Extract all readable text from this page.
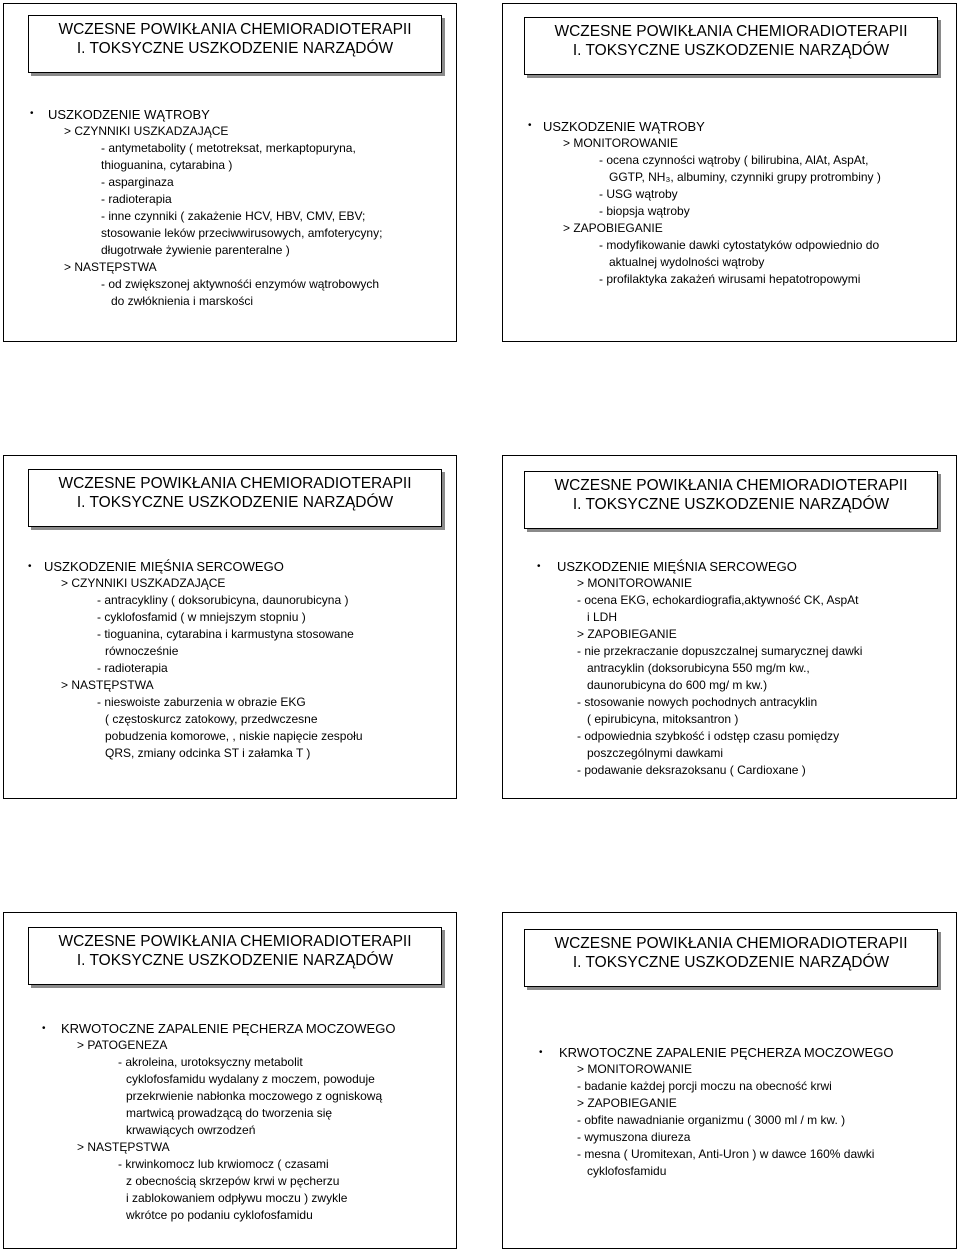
WCZESNE POWIKŁANIA CHEMIORADIOTERAPII
I. TOKSYCZNE USZKODZENIE NARZĄDÓW
• USZKODZENIE WĄTROBY
> CZYNNIKI USZKADZAJĄCE
- antymetabolity ( metotreksat, merkaptopuryna,
thioguanina, cytarabina )
- asparginaza
- radioterapia
- inne czynniki ( zakażenie HCV, HBV, CMV, EBV;
stosowanie leków przeciwwirusowych, amfoterycyny;
długotrwałe żywienie parenteralne )
> NASTĘPSTWA
- od zwiększonej aktywnośći enzymów wątrobowych
do zwłóknienia i marskości
WCZESNE POWIKŁANIA CHEMIORADIOTERAPII
I. TOKSYCZNE USZKODZENIE NARZĄDÓW
• USZKODZENIE WĄTROBY
> MONITOROWANIE
- ocena czynności wątroby ( bilirubina, AlAt, AspAt,
GGTP, NH₃, albuminy, czynniki grupy protrombiny )
- USG wątroby
- biopsja wątroby
> ZAPOBIEGANIE
- modyfikowanie dawki cytostatyków odpowiednio do
aktualnej wydolności wątroby
- profilaktyka zakażeń wirusami hepatotropowymi
WCZESNE POWIKŁANIA CHEMIORADIOTERAPII
I. TOKSYCZNE USZKODZENIE NARZĄDÓW
• USZKODZENIE MIĘŚNIA SERCOWEGO
> CZYNNIKI USZKADZAJĄCE
- antracykliny ( doksorubicyna, daunorubicyna )
- cyklofosfamid ( w mniejszym stopniu )
- tioguanina, cytarabina i karmustyna stosowane
równocześnie
- radioterapia
> NASTĘPSTWA
- nieswoiste zaburzenia w obrazie EKG
( częstoskurcz zatokowy, przedwczesne
pobudzenia komorowe, , niskie napięcie zespołu
QRS, zmiany odcinka ST i załamka T )
WCZESNE POWIKŁANIA CHEMIORADIOTERAPII
I. TOKSYCZNE USZKODZENIE NARZĄDÓW
• USZKODZENIE MIĘŚNIA SERCOWEGO
> MONITOROWANIE
- ocena EKG, echokardiografia,aktywność CK, AspAt
i LDH
> ZAPOBIEGANIE
- nie przekraczanie dopuszczalnej sumarycznej dawki
antracyklin (doksorubicyna 550 mg/m kw.,
daunorubicyna do 600 mg/ m kw.)
- stosowanie nowych pochodnych antracyklin
( epirubicyna, mitoksantron )
- odpowiednia szybkość i odstęp czasu pomiędzy
poszczególnymi dawkami
- podawanie deksrazoksanu ( Cardioxane )
WCZESNE POWIKŁANIA CHEMIORADIOTERAPII
I. TOKSYCZNE USZKODZENIE NARZĄDÓW
• KRWOTOCZNE ZAPALENIE PĘCHERZA MOCZOWEGO
> PATOGENEZA
- akroleina, urotoksyczny metabolit
cyklofosfamidu wydalany z moczem, powoduje
przekrwienie nabłonka moczowego z ogniskową
martwicą prowadzącą do tworzenia się
krwawiących owrzodzeń
> NASTĘPSTWA
- krwinkomocz lub krwiomocz ( czasami
z obecnością skrzepów krwi w pęcherzu
i zablokowaniem odpływu moczu ) zwykle
wkrótce po podaniu cyklofosfamidu
WCZESNE POWIKŁANIA CHEMIORADIOTERAPII
I. TOKSYCZNE USZKODZENIE NARZĄDÓW
• KRWOTOCZNE ZAPALENIE PĘCHERZA MOCZOWEGO
> MONITOROWANIE
- badanie każdej porcji moczu na obecność krwi
> ZAPOBIEGANIE
- obfite nawadnianie organizmu ( 3000 ml / m kw. )
- wymuszona diureza
- mesna ( Uromitexan, Anti-Uron ) w dawce 160% dawki
cyklofosfamidu
